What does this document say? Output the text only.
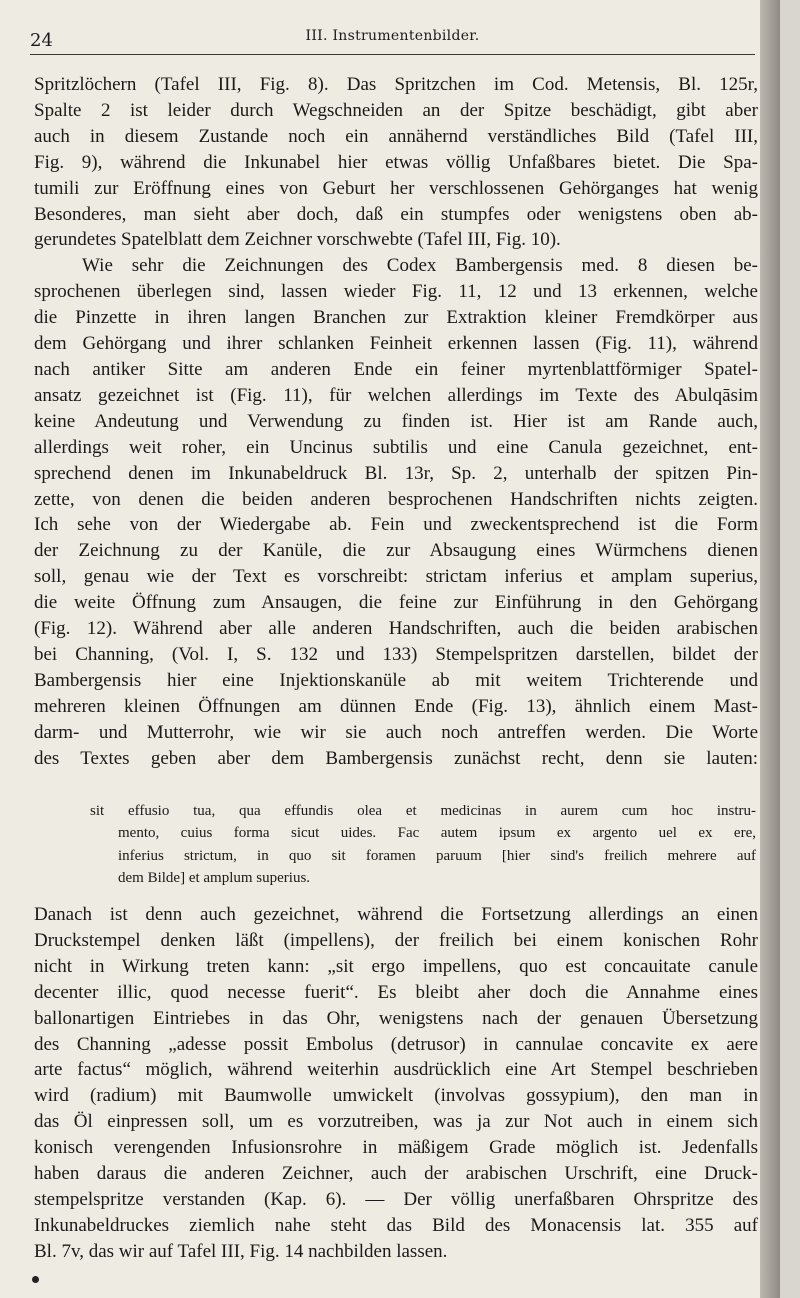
24	III. Instrumentenbilder.
Spritzlöchern (Tafel III, Fig. 8). Das Spritzchen im Cod. Metensis, Bl. 125r,
Spalte 2 ist leider durch Wegschneiden an der Spitze beschädigt, gibt aber
auch in diesem Zustande noch ein annähernd verständliches Bild (Tafel III,
Fig. 9), während die Inkunabel hier etwas völlig Unfaßbares bietet. Die Spa-
tumili zur Eröffnung eines von Geburt her verschlossenen Gehörganges hat wenig
Besonderes, man sieht aber doch, daß ein stumpfes oder wenigstens oben ab-
gerundetes Spatelblatt dem Zeichner vorschwebte (Tafel III, Fig. 10).
Wie sehr die Zeichnungen des Codex Bambergensis med. 8 diesen be-
sprochenen überlegen sind, lassen wieder Fig. 11, 12 und 13 erkennen, welche
die Pinzette in ihren langen Branchen zur Extraktion kleiner Fremdkörper aus
dem Gehörgang und ihrer schlanken Feinheit erkennen lassen (Fig. 11), während
nach antiker Sitte am anderen Ende ein feiner myrtenblattförmiger Spatel-
ansatz gezeichnet ist (Fig. 11), für welchen allerdings im Texte des Abulqāsim
keine Andeutung und Verwendung zu finden ist. Hier ist am Rande auch,
allerdings weit roher, ein Uncinus subtilis und eine Canula gezeichnet, ent-
sprechend denen im Inkunabeldruck Bl. 13r, Sp. 2, unterhalb der spitzen Pin-
zette, von denen die beiden anderen besprochenen Handschriften nichts zeigten.
Ich sehe von der Wiedergabe ab. Fein und zweckentsprechend ist die Form
der Zeichnung zu der Kanüle, die zur Absaugung eines Würmchens dienen
soll, genau wie der Text es vorschreibt: strictam inferius et amplam superius,
die weite Öffnung zum Ansaugen, die feine zur Einführung in den Gehörgang
(Fig. 12). Während aber alle anderen Handschriften, auch die beiden arabischen
bei Channing, (Vol. I, S. 132 und 133) Stempelspritzen darstellen, bildet der
Bambergensis hier eine Injektionskanüle ab mit weitem Trichterende und
mehreren kleinen Öffnungen am dünnen Ende (Fig. 13), ähnlich einem Mast-
darm- und Mutterrohr, wie wir sie auch noch antreffen werden. Die Worte
des Textes geben aber dem Bambergensis zunächst recht, denn sie lauten:
sit effusio tua, qua effundis olea et medicinas in aurem cum hoc instru-
mento, cuius forma sicut uides. Fac autem ipsum ex argento uel ex ere,
inferius strictum, in quo sit foramen paruum [hier sind's freilich mehrere auf
dem Bilde] et amplum superius.
Danach ist denn auch gezeichnet, während die Fortsetzung allerdings an einen
Druckstempel denken läßt (impellens), der freilich bei einem konischen Rohr
nicht in Wirkung treten kann: „sit ergo impellens, quo est concauitate canule
decenter illic, quod necesse fuerit“. Es bleibt aher doch die Annahme eines
ballonartigen Eintriebes in das Ohr, wenigstens nach der genauen Übersetzung
des Channing „adesse possit Embolus (detrusor) in cannulae concavite ex aere
arte factus“ möglich, während weiterhin ausdrücklich eine Art Stempel beschrieben
wird (radium) mit Baumwolle umwickelt (involvas gossypium), den man in
das Öl einpressen soll, um es vorzutreiben, was ja zur Not auch in einem sich
konisch verengenden Infusionsrohre in mäßigem Grade möglich ist. Jedenfalls
haben daraus die anderen Zeichner, auch der arabischen Urschrift, eine Druck-
stempelspritze verstanden (Kap. 6). — Der völlig unerfaßbaren Ohrspritze des
Inkunabeldruckes ziemlich nahe steht das Bild des Monacensis lat. 355 auf
Bl. 7v, das wir auf Tafel III, Fig. 14 nachbilden lassen.
